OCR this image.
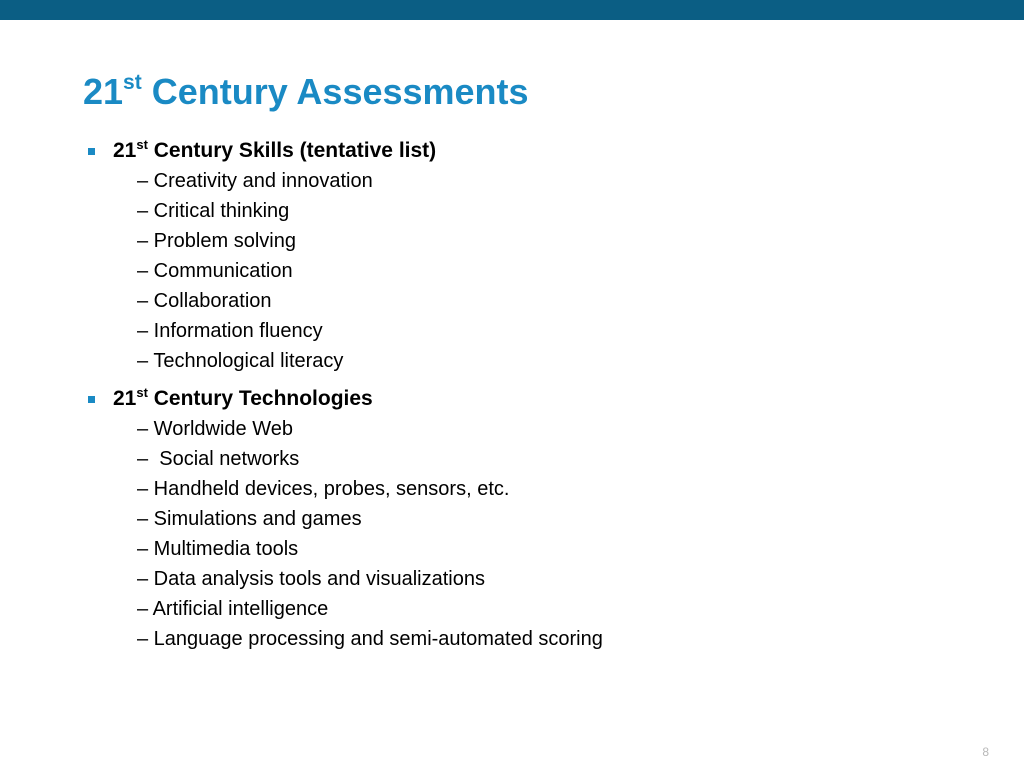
21st Century Assessments
21st Century Skills (tentative list)
– Creativity and innovation
– Critical thinking
– Problem solving
– Communication
– Collaboration
– Information fluency
– Technological literacy
21st Century Technologies
– Worldwide Web
–  Social networks
– Handheld devices, probes, sensors, etc.
– Simulations and games
– Multimedia tools
– Data analysis tools and visualizations
– Artificial intelligence
– Language processing and semi-automated scoring
8
